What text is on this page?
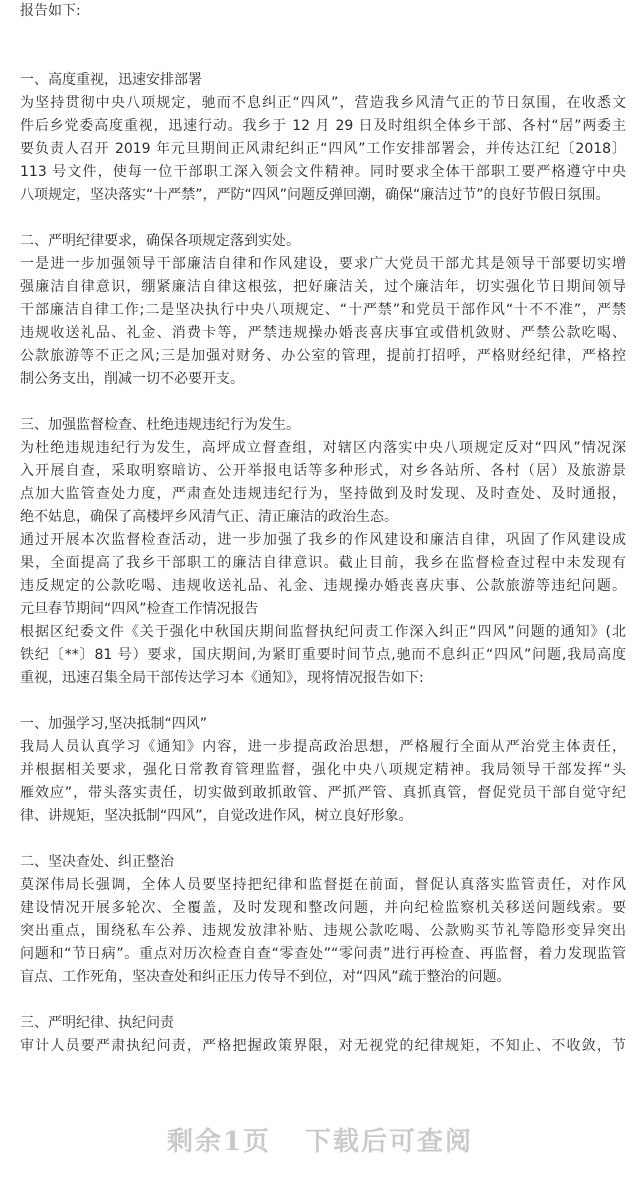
报告如下:
一、高度重视，迅速安排部署
为坚持贯彻中央八项规定，驰而不息纠正“四风”，营造我乡风清气正的节日氛围，在收悉文
件后乡党委高度重视，迅速行动。我乡于 12 月 29 日及时组织全体乡干部、各村“居”两委主
要负责人召开 2019 年元旦期间正风肃纪纠正“四风”工作安排部署会，并传达江纪〔2018〕
113 号文件，使每一位干部职工深入领会文件精神。同时要求全体干部职工要严格遵守中央
八项规定，坚决落实“十严禁”，严防“四风”问题反弹回潮，确保“廉洁过节”的良好节假日氛围。
二、严明纪律要求，确保各项规定落到实处。
一是进一步加强领导干部廉洁自律和作风建设，要求广大党员干部尤其是领导干部要切实增
强廉洁自律意识，绷紧廉洁自律这根弦，把好廉洁关，过个廉洁年，切实强化节日期间领导
干部廉洁自律工作;二是坚决执行中央八项规定、“十严禁”和党员干部作风“十不不准”，严禁
违规收送礼品、礼金、消费卡等，严禁违规操办婚丧喜庆事宜或借机敛财、严禁公款吃喝、
公款旅游等不正之风;三是加强对财务、办公室的管理，提前打招呼，严格财经纪律，严格控
制公务支出，削减一切不必要开支。
三、加强监督检查、杜绝违规违纪行为发生。
为杜绝违规违纪行为发生，高坪成立督查组，对辖区内落实中央八项规定反对“四风”情况深
入开展自查，采取明察暗访、公开举报电话等多种形式，对乡各站所、各村（居）及旅游景
点加大监管查处力度，严肃查处违规违纪行为，坚持做到及时发现、及时查处、及时通报，
绝不姑息，确保了高楼坪乡风清气正、清正廉洁的政治生态。
通过开展本次监督检查活动，进一步加强了我乡的作风建设和廉洁自律，巩固了作风建设成
果，全面提高了我乡干部职工的廉洁自律意识。截止目前，我乡在监督检查过程中未发现有
违反规定的公款吃喝、违规收送礼品、礼金、违规操办婚丧喜庆事、公款旅游等违纪问题。
元旦春节期间“四风”检查工作情况报告
根据区纪委文件《关于强化中秋国庆期间监督执纪问责工作深入纠正“四风”问题的通知》(北
铁纪〔**〕81 号）要求，国庆期间,为紧盯重要时间节点,驰而不息纠正“四风”问题,我局高度
重视，迅速召集全局干部传达学习本《通知》，现将情况报告如下:
一、加强学习,坚决抵制“四风”
我局人员认真学习《通知》内容，进一步提高政治思想，严格履行全面从严治党主体责任，
并根据相关要求，强化日常教育管理监督，强化中央八项规定精神。我局领导干部发挥“头
雁效应”，带头落实责任，切实做到敢抓敢管、严抓严管、真抓真管，督促党员干部自觉守纪
律、讲规矩，坚决抵制“四风”，自觉改进作风，树立良好形象。
二、坚决查处、纠正整治
莫深伟局长强调，全体人员要坚持把纪律和监督挺在前面，督促认真落实监管责任，对作风
建设情况开展多轮次、全覆盖，及时发现和整改问题，并向纪检监察机关移送问题线索。要
突出重点，围绕私车公养、违规发放津补贴、违规公款吃喝、公款购买节礼等隐形变异突出
问题和“节日病”。重点对历次检查自查“零查处”“零问责”进行再检查、再监督，着力发现监管
盲点、工作死角，坚决查处和纠正压力传导不到位，对“四风”疏于整治的问题。
三、严明纪律、执纪问责
审计人员要严肃执纪问责，严格把握政策界限，对无视党的纪律规矩，不知止、不收敛，节
剩余1页 下载后可查阅
